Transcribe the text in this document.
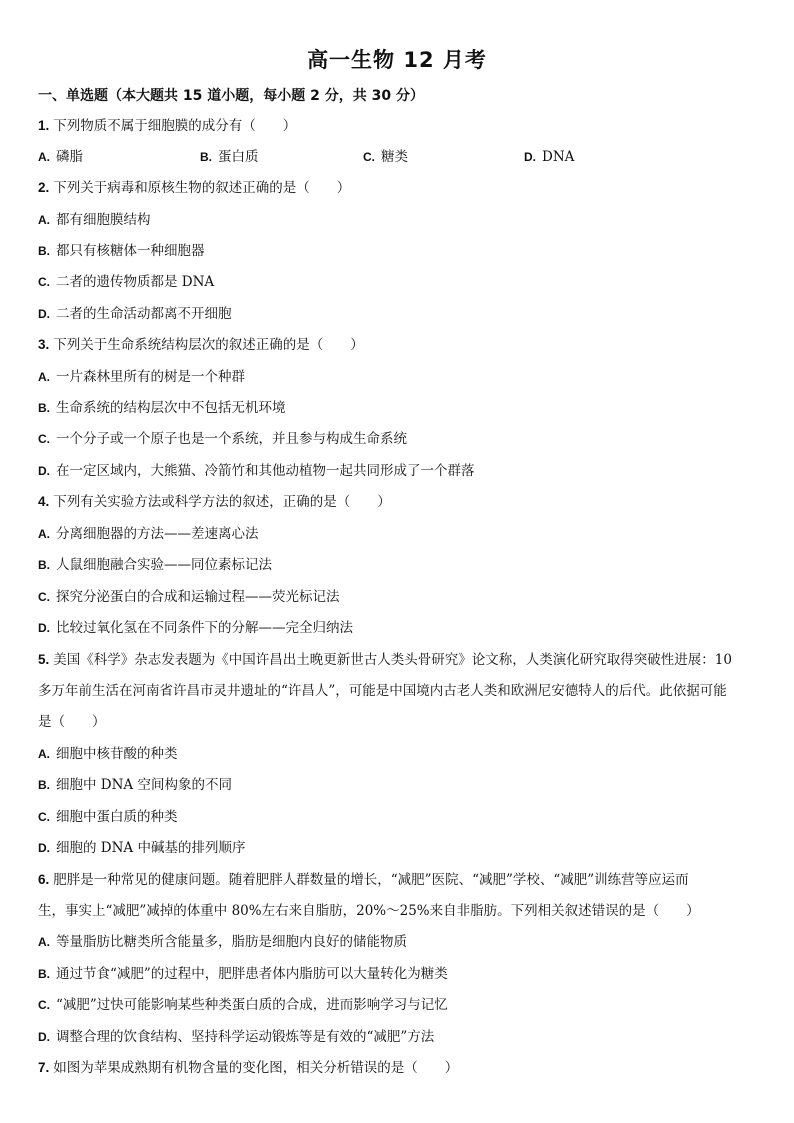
高一生物 12 月考
一、单选题（本大题共 15 道小题，每小题 2 分，共 30 分）
1. 下列物质不属于细胞膜的成分有（　　）
A. 磷脂	B. 蛋白质	C. 糖类	D. DNA
2. 下列关于病毒和原核生物的叙述正确的是（　　）
A. 都有细胞膜结构
B. 都只有核糖体一种细胞器
C. 二者的遗传物质都是 DNA
D. 二者的生命活动都离不开细胞
3. 下列关于生命系统结构层次的叙述正确的是（　　）
A. 一片森林里所有的树是一个种群
B. 生命系统的结构层次中不包括无机环境
C. 一个分子或一个原子也是一个系统，并且参与构成生命系统
D. 在一定区域内，大熊猫、冷箭竹和其他动植物一起共同形成了一个群落
4. 下列有关实验方法或科学方法的叙述，正确的是（　　）
A. 分离细胞器的方法——差速离心法
B. 人鼠细胞融合实验——同位素标记法
C. 探究分泌蛋白的合成和运输过程——荧光标记法
D. 比较过氧化氢在不同条件下的分解——完全归纳法
5. 美国《科学》杂志发表题为《中国许昌出土晚更新世古人类头骨研究》论文称，人类演化研究取得突破性进展：10
多万年前生活在河南省许昌市灵井遗址的“许昌人”，可能是中国境内古老人类和欧洲尼安德特人的后代。此依据可能
是（　　）
A. 细胞中核苷酸的种类
B. 细胞中 DNA 空间构象的不同
C. 细胞中蛋白质的种类
D. 细胞的 DNA 中碱基的排列顺序
6. 肥胖是一种常见的健康问题。随着肥胖人群数量的增长，“减肥”医院、“减肥”学校、“减肥”训练营等应运而
生，事实上“减肥”减掉的体重中 80%左右来自脂肪，20%～25%来自非脂肪。下列相关叙述错误的是（　　）
A. 等量脂肪比糖类所含能量多，脂肪是细胞内良好的储能物质
B. 通过节食“减肥”的过程中，肥胖患者体内脂肪可以大量转化为糖类
C. “减肥”过快可能影响某些种类蛋白质的合成，进而影响学习与记忆
D. 调整合理的饮食结构、坚持科学运动锻炼等是有效的“减肥”方法
7. 如图为苹果成熟期有机物含量的变化图，相关分析错误的是（　　）
